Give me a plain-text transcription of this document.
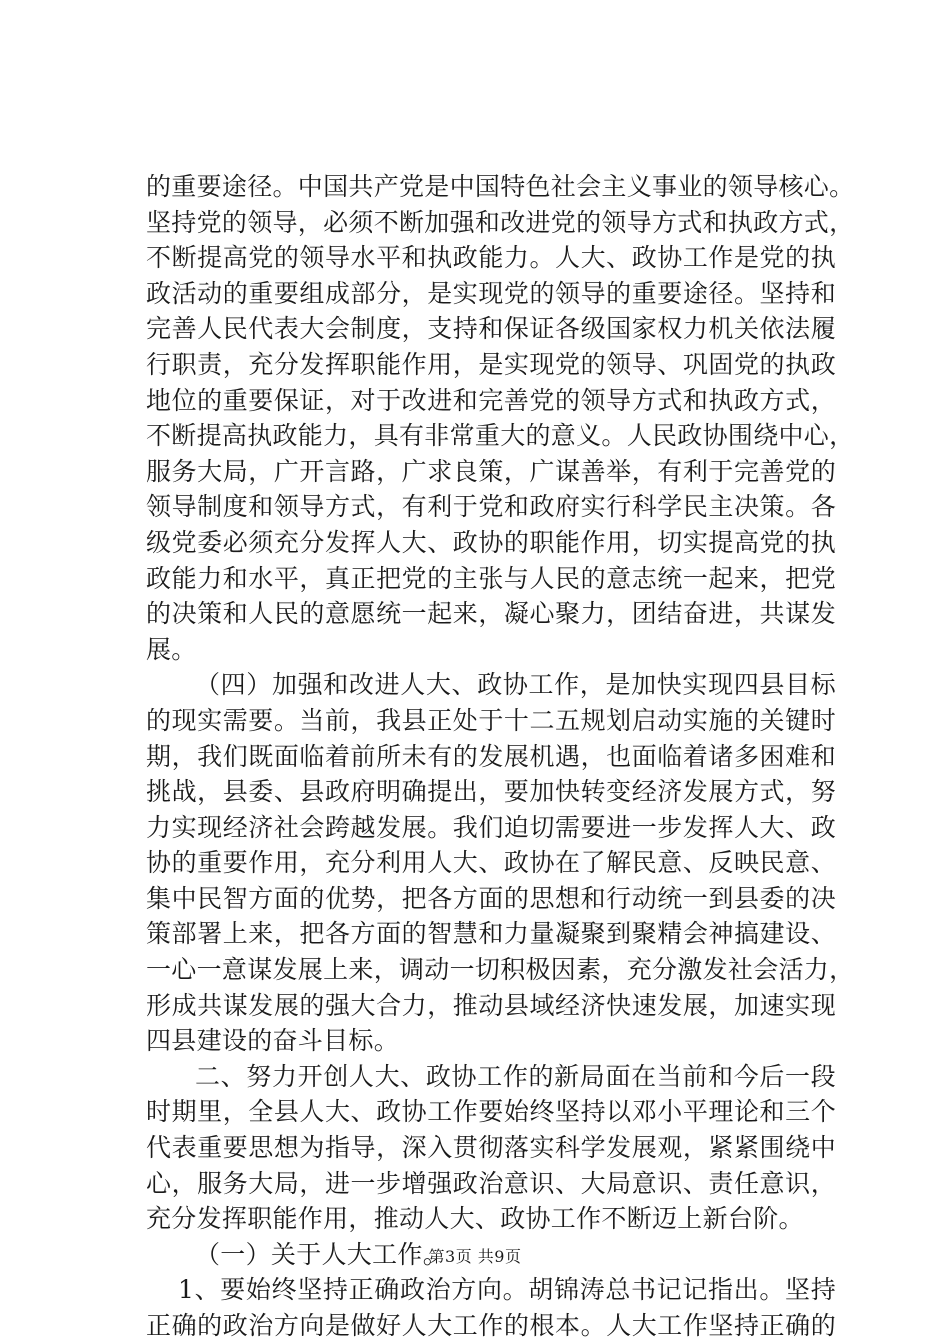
的重要途径。中国共产党是中国特色社会主义事业的领导核心。
坚持党的领导，必须不断加强和改进党的领导方式和执政方式，
不断提高党的领导水平和执政能力。人大、政协工作是党的执
政活动的重要组成部分，是实现党的领导的重要途径。坚持和
完善人民代表大会制度，支持和保证各级国家权力机关依法履
行职责，充分发挥职能作用，是实现党的领导、巩固党的执政
地位的重要保证，对于改进和完善党的领导方式和执政方式，
不断提高执政能力，具有非常重大的意义。人民政协围绕中心，
服务大局，广开言路，广求良策，广谋善举，有利于完善党的
领导制度和领导方式，有利于党和政府实行科学民主决策。各
级党委必须充分发挥人大、政协的职能作用，切实提高党的执
政能力和水平，真正把党的主张与人民的意志统一起来，把党
的决策和人民的意愿统一起来，凝心聚力，团结奋进，共谋发
展。
（四）加强和改进人大、政协工作，是加快实现四县目标
的现实需要。当前，我县正处于十二五规划启动实施的关键时
期，我们既面临着前所未有的发展机遇，也面临着诸多困难和
挑战，县委、县政府明确提出，要加快转变经济发展方式，努
力实现经济社会跨越发展。我们迫切需要进一步发挥人大、政
协的重要作用，充分利用人大、政协在了解民意、反映民意、
集中民智方面的优势，把各方面的思想和行动统一到县委的决
策部署上来，把各方面的智慧和力量凝聚到聚精会神搞建设、
一心一意谋发展上来，调动一切积极因素，充分激发社会活力，
形成共谋发展的强大合力，推动县域经济快速发展，加速实现
四县建设的奋斗目标。
二、努力开创人大、政协工作的新局面在当前和今后一段
时期里，全县人大、政协工作要始终坚持以邓小平理论和三个
代表重要思想为指导，深入贯彻落实科学发展观，紧紧围绕中
心，服务大局，进一步增强政治意识、大局意识、责任意识，
充分发挥职能作用，推动人大、政协工作不断迈上新台阶。
（一）关于人大工作。
1、要始终坚持正确政治方向。胡锦涛总书记记指出。坚持
正确的政治方向是做好人大工作的根本。人大工作坚持正确的
第3页 共9页
